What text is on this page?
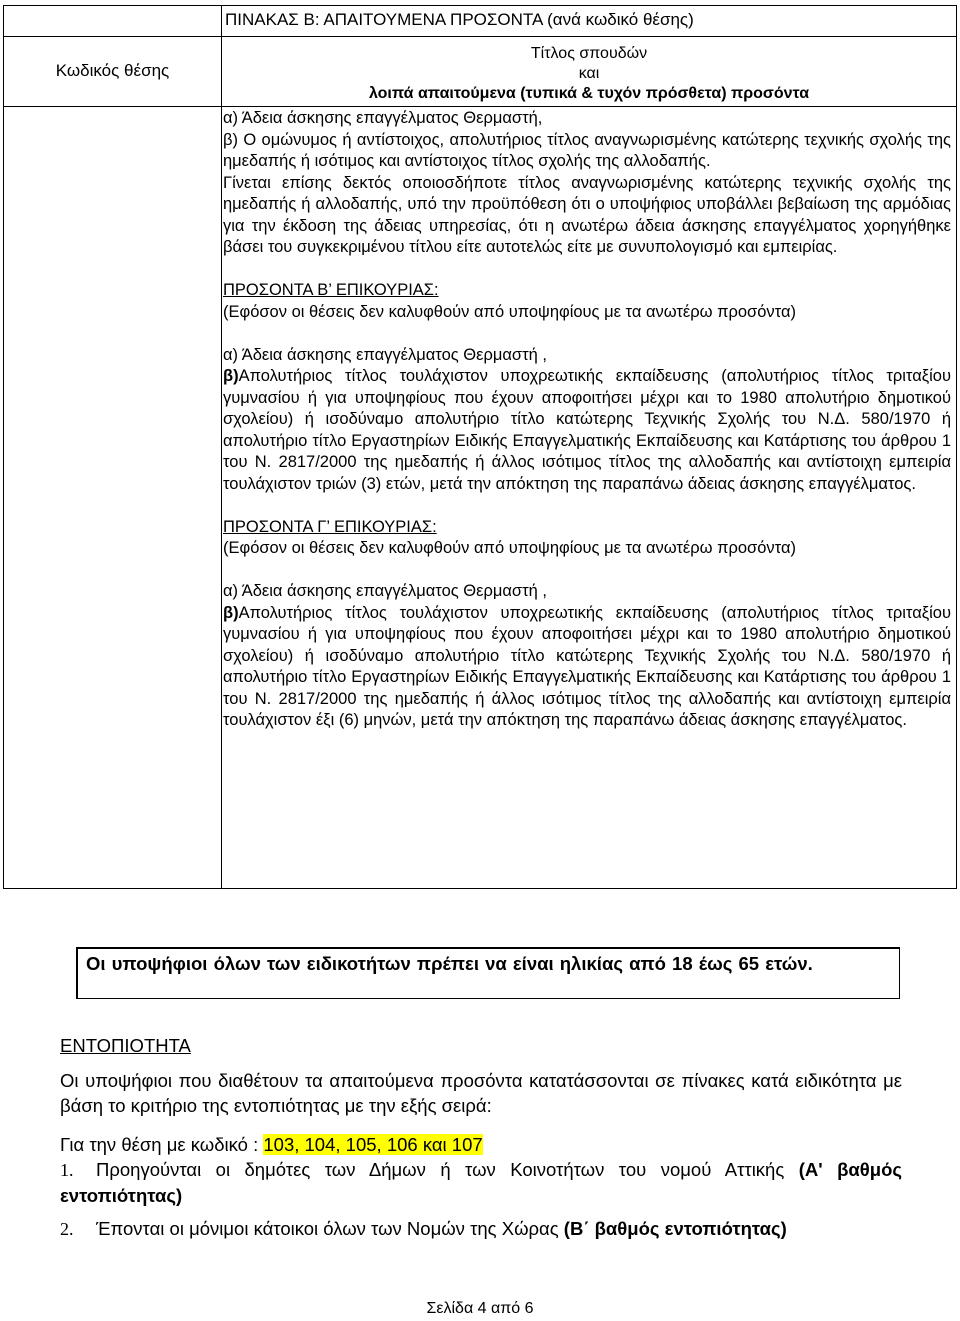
Κωδικός θέσης
Τίτλος σπουδών
και
λοιπά απαιτούμενα (τυπικά & τυχόν πρόσθετα) προσόντα
ΠΙΝΑΚΑΣ Β: ΑΠΑΙΤΟΥΜΕΝΑ ΠΡΟΣΟΝΤΑ (ανά κωδικό θέσης)

α) Άδεια άσκησης επαγγέλματος Θερμαστή,

β) Ο ομώνυμος ή αντίστοιχος, απολυτήριος τίτλος αναγνωρισμένης κατώτερης τεχνικής σχολής της ημεδαπής ή ισότιμος και αντίστοιχος τίτλος σχολής της αλλοδαπής.

Γίνεται επίσης δεκτός οποιοσδήποτε τίτλος αναγνωρισμένης κατώτερης τεχνικής σχολής της ημεδαπής ή αλλοδαπής, υπό την προϋπόθεση ότι ο υποψήφιος υποβάλλει βεβαίωση της αρμόδιας για την έκδοση της άδειας υπηρεσίας, ότι η ανωτέρω άδεια άσκησης επαγγέλματος χορηγήθηκε βάσει του συγκεκριμένου τίτλου είτε αυτοτελώς είτε με συνυπολογισμό και εμπειρίας.

ΠΡΟΣΟΝΤΑ Β’ ΕΠΙΚΟΥΡΙΑΣ:

(Εφόσον οι θέσεις δεν καλυφθούν από υποψηφίους με τα ανωτέρω προσόντα)

α) Άδεια άσκησης επαγγέλματος Θερμαστή ,

β)Απολυτήριος τίτλος τουλάχιστον υποχρεωτικής εκπαίδευσης (απολυτήριος τίτλος τριταξίου γυμνασίου ή για υποψηφίους που έχουν αποφοιτήσει μέχρι και το 1980 απολυτήριο δημοτικού σχολείου) ή ισοδύναμο απολυτήριο τίτλο κατώτερης Τεχνικής Σχολής του Ν.Δ. 580/1970 ή απολυτήριο τίτλο Εργαστηρίων Ειδικής Επαγγελματικής Εκπαίδευσης και Κατάρτισης του άρθρου 1 του Ν. 2817/2000 της ημεδαπής ή άλλος ισότιμος τίτλος της αλλοδαπής και αντίστοιχη εμπειρία τουλάχιστον τριών (3) ετών, μετά την απόκτηση της παραπάνω άδειας άσκησης επαγγέλματος.

ΠΡΟΣΟΝΤΑ Γ’ ΕΠΙΚΟΥΡΙΑΣ:

(Εφόσον οι θέσεις δεν καλυφθούν από υποψηφίους με τα ανωτέρω προσόντα)

α) Άδεια άσκησης επαγγέλματος Θερμαστή ,

β)Απολυτήριος τίτλος τουλάχιστον υποχρεωτικής εκπαίδευσης (απολυτήριος τίτλος τριταξίου γυμνασίου ή για υποψηφίους που έχουν αποφοιτήσει μέχρι και το 1980 απολυτήριο δημοτικού σχολείου) ή ισοδύναμο απολυτήριο τίτλο κατώτερης Τεχνικής Σχολής του Ν.Δ. 580/1970 ή απολυτήριο τίτλο Εργαστηρίων Ειδικής Επαγγελματικής Εκπαίδευσης και Κατάρτισης του άρθρου 1 του Ν. 2817/2000 της ημεδαπής ή άλλος ισότιμος τίτλος της αλλοδαπής και αντίστοιχη εμπειρία τουλάχιστον έξι (6) μηνών, μετά την απόκτηση της παραπάνω άδειας άσκησης επαγγέλματος.

Οι υποψήφιοι όλων των ειδικοτήτων πρέπει να είναι ηλικίας από 18 έως 65 ετών.
ΕΝΤΟΠΙΟΤΗΤΑ
Οι υποψήφιοι που διαθέτουν τα απαιτούμενα προσόντα κατατάσσονται σε πίνακες κατά ειδικότητα με βάση το κριτήριο της εντοπιότητας με την εξής σειρά:
Για την θέση με κωδικό : 103, 104, 105, 106 και 107
1. Προηγούνται οι δημότες των Δήμων ή των Κοινοτήτων του νομού Αττικής (Α' βαθμός εντοπιότητας)
2. Έπονται οι μόνιμοι κάτοικοι όλων των Νομών της Χώρας (Β΄ βαθμός εντοπιότητας)
Σελίδα 4 από 6
